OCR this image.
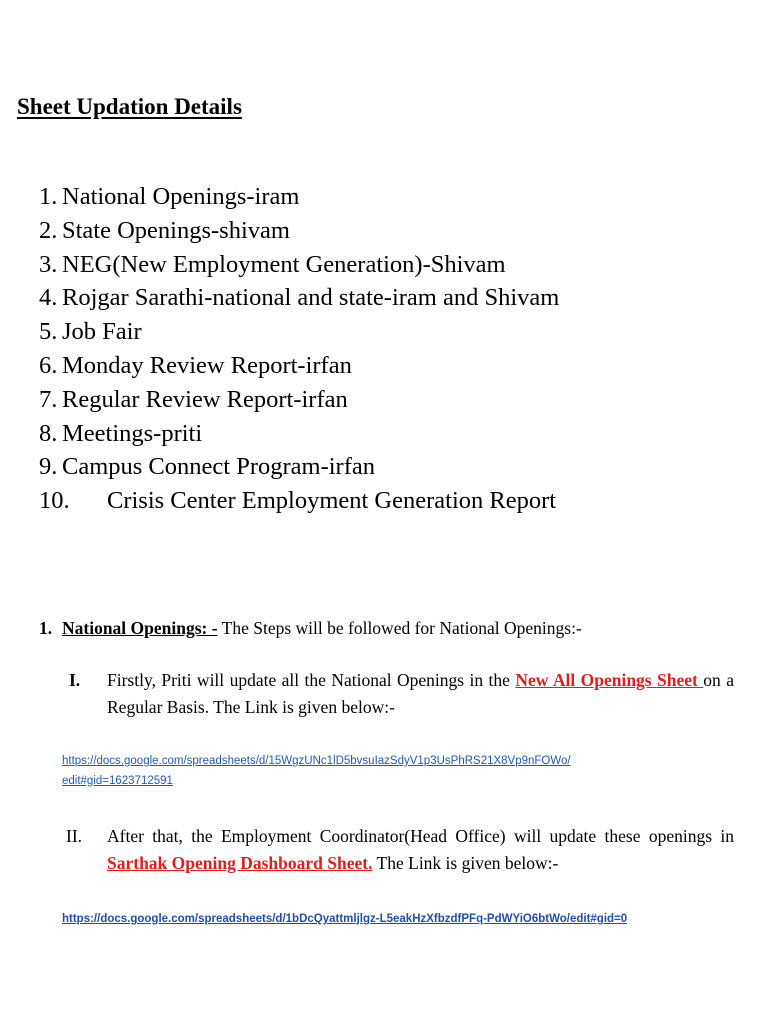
Sheet Updation Details
1. National Openings-iram
2. State Openings-shivam
3. NEG(New Employment Generation)-Shivam
4. Rojgar Sarathi-national and state-iram and Shivam
5. Job Fair
6. Monday Review Report-irfan
7. Regular Review Report-irfan
8. Meetings-priti
9. Campus Connect Program-irfan
10. Crisis Center Employment Generation Report
1. National Openings: - The Steps will be followed for National Openings:-
I. Firstly, Priti will update all the National Openings in the New All Openings Sheet on a Regular Basis. The Link is given below:-
https://docs.google.com/spreadsheets/d/15WgzUNc1lD5bvsuIazSdyV1p3UsPhRS21X8Vp9nFOWo/
edit#gid=1623712591
II. After that, the Employment Coordinator(Head Office) will update these openings in Sarthak Opening Dashboard Sheet. The Link is given below:-
https://docs.google.com/spreadsheets/d/1bDcQyattmljlgz-L5eakHzXfbzdfPFq-PdWYiO6btWo/edit#gid=0
